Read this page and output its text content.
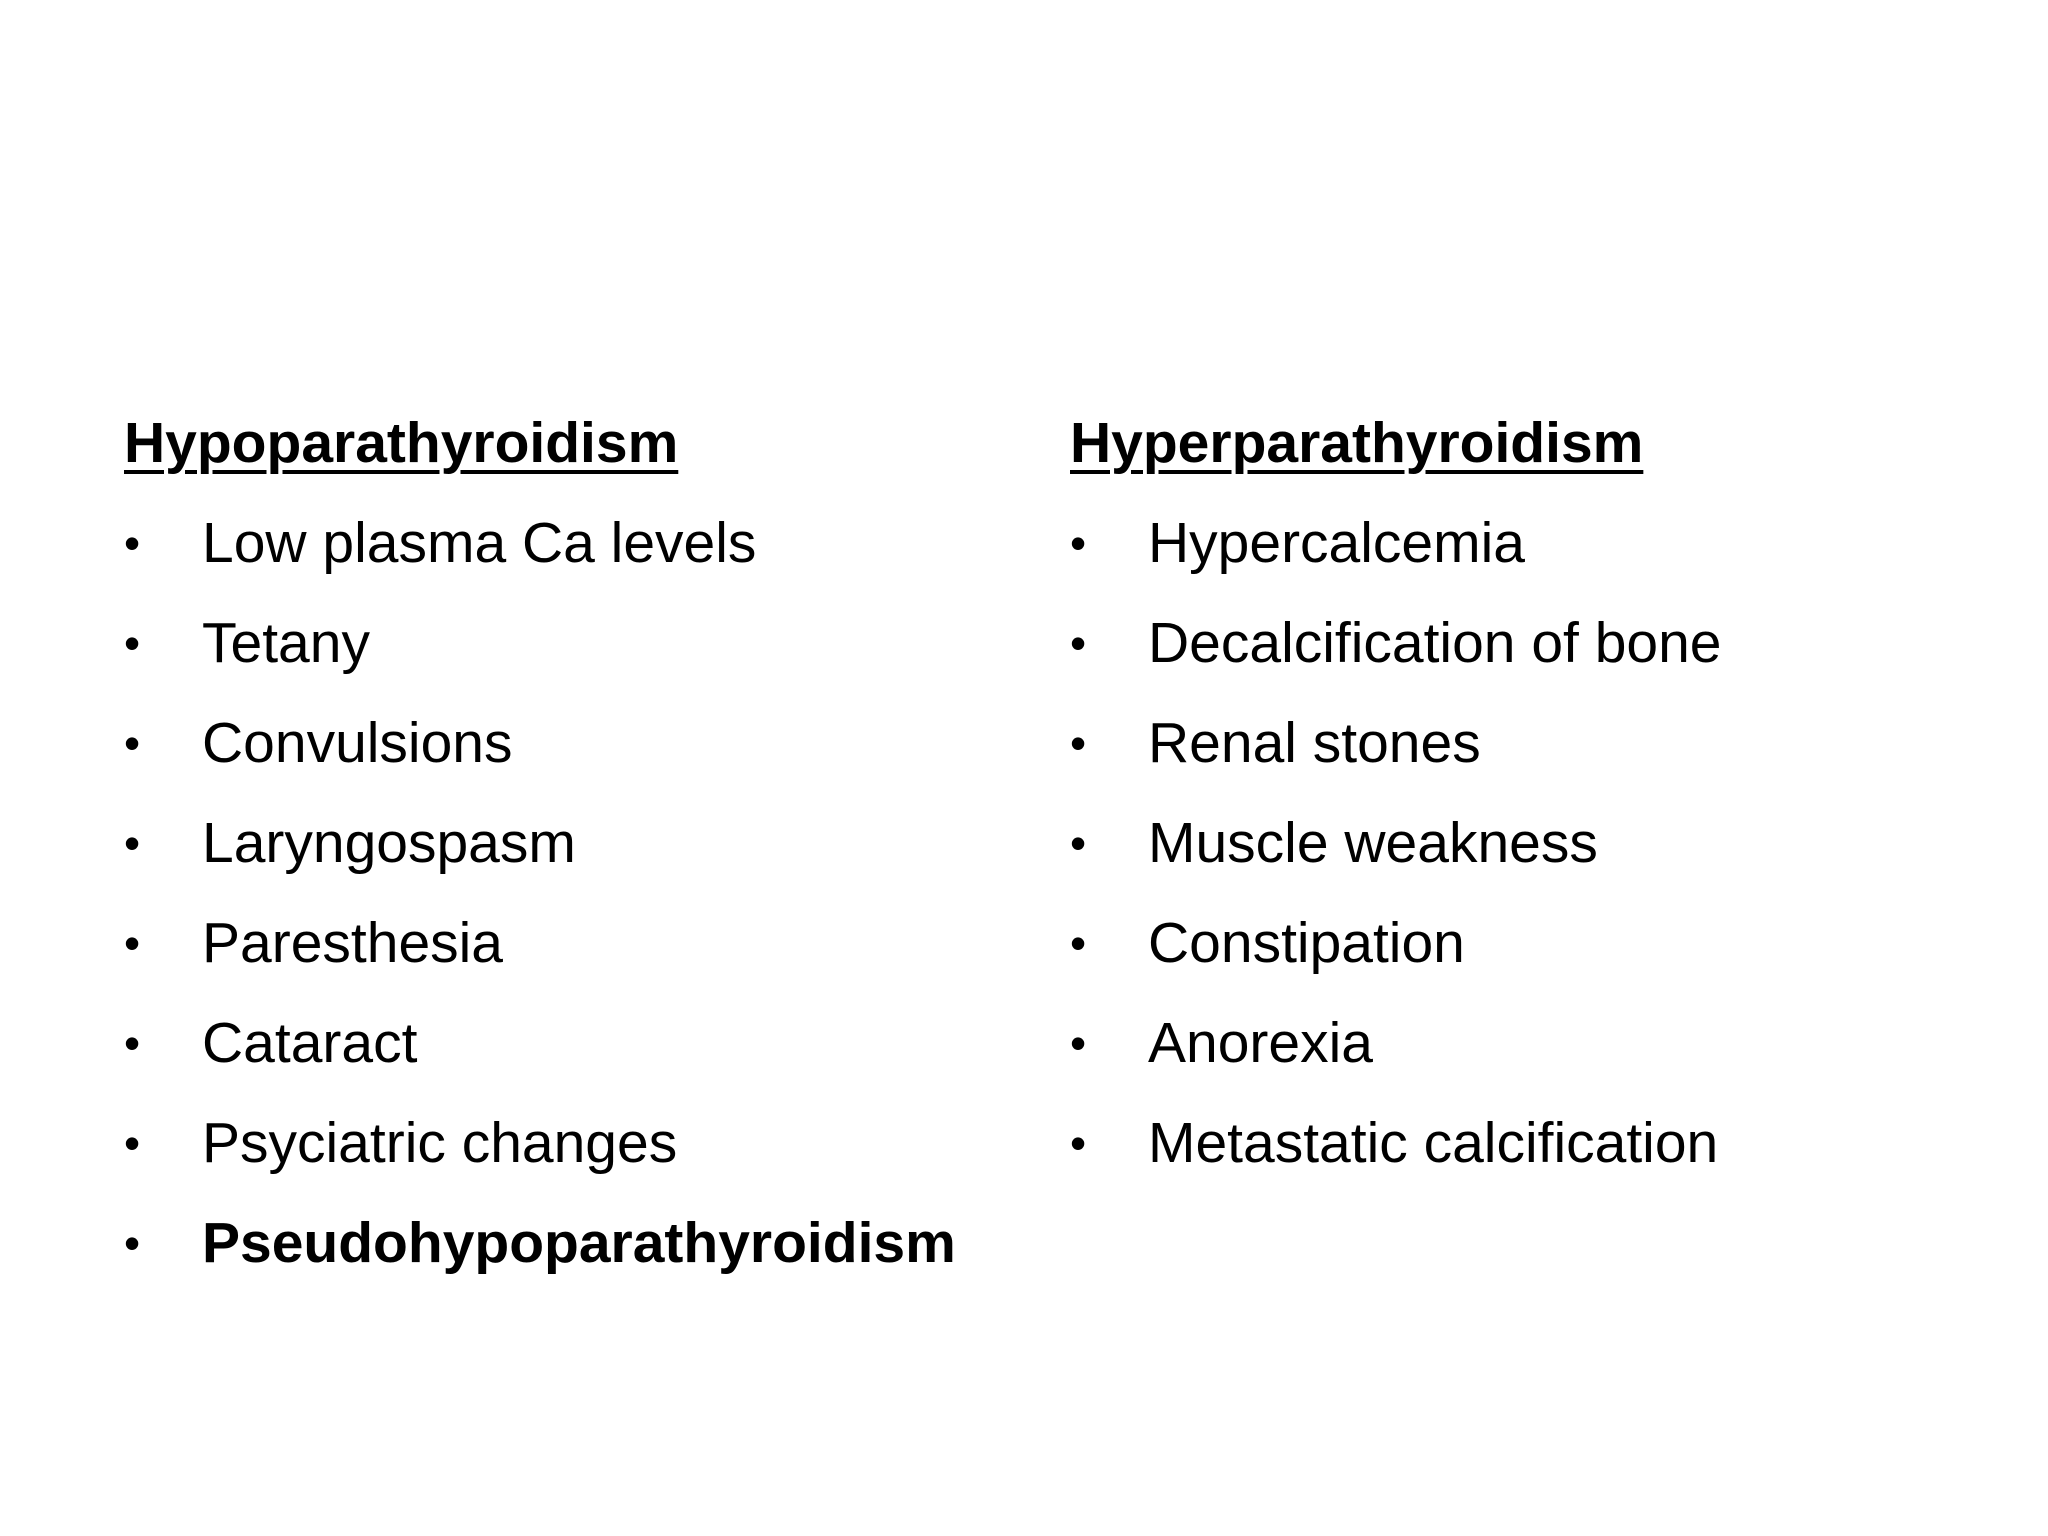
Hypoparathyroidism
• Low plasma Ca levels
• Tetany
• Convulsions
• Laryngospasm
• Paresthesia
• Cataract
• Psyciatric changes
• Pseudohypoparathyroidism
Hyperparathyroidism
• Hypercalcemia
• Decalcification of bone
• Renal stones
• Muscle weakness
• Constipation
• Anorexia
• Metastatic calcification
